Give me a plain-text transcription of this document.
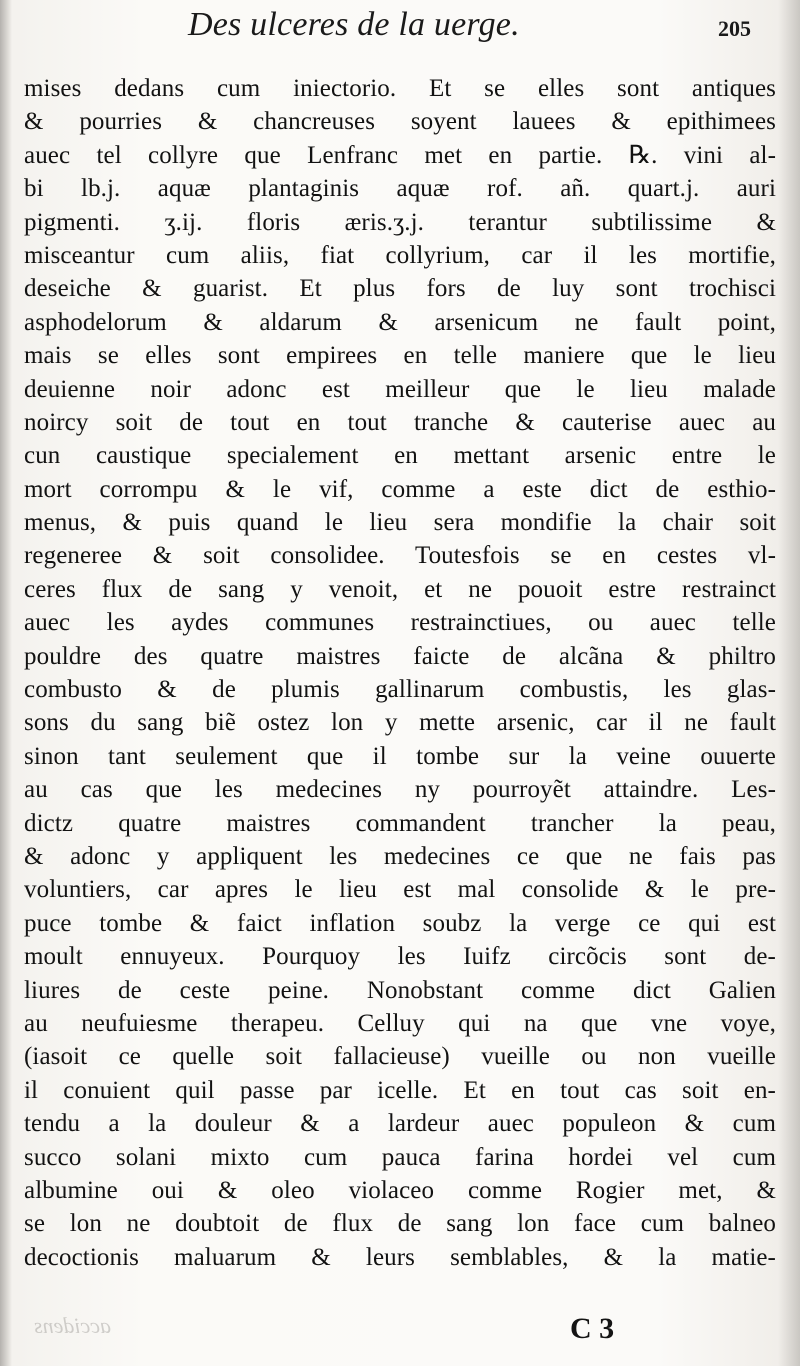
Des ulceres de la uerge.	205
mises dedans cum iniectorio. Et se elles sont antiques
& pourries & chancreuses soyent lauees & epithimees
auec tel collyre que Lenfranc met en partie. ℞. vini al-
bi lb.j. aquæ plantaginis aquæ rof. añ. quart.j. auri
pigmenti. ʒ.ij. floris æris.ʒ.j. terantur subtilissime &
misceantur cum aliis, fiat collyrium, car il les mortifie,
deseiche & guarist. Et plus fors de luy sont trochisci
asphodelorum & aldarum & arsenicum ne fault point,
mais se elles sont empirees en telle maniere que le lieu
deuienne noir adonc est meilleur que le lieu malade
noircy soit de tout en tout tranche & cauterise auec au
cun caustique specialement en mettant arsenic entre le
mort corrompu & le vif, comme a este dict de esthio-
menus, & puis quand le lieu sera mondifie la chair soit
regeneree & soit consolidee. Toutesfois se en cestes vl-
ceres flux de sang y venoit, et ne pouoit estre restrainct
auec les aydes communes restrainctiues, ou auec telle
pouldre des quatre maistres faicte de alcãna & philtro
combusto & de plumis gallinarum combustis, les glas-
sons du sang biẽ ostez lon y mette arsenic, car il ne fault
sinon tant seulement que il tombe sur la veine ouuerte
au cas que les medecines ny pourroyẽt attaindre. Les-
dictz quatre maistres commandent trancher la peau,
& adonc y appliquent les medecines ce que ne fais pas
voluntiers, car apres le lieu est mal consolide & le pre-
puce tombe & faict inflation soubz la verge ce qui est
moult ennuyeux. Pourquoy les Iuifz circõcis sont de-
liures de ceste peine. Nonobstant comme dict Galien
au neufuiesme therapeu. Celluy qui na que vne voye,
(iasoit ce quelle soit fallacieuse) vueille ou non vueille
il conuient quil passe par icelle. Et en tout cas soit en-
tendu a la douleur & a lardeur auec populeon & cum
succo solani mixto cum pauca farina hordei vel cum
albumine oui & oleo violaceo comme Rogier met, &
se lon ne doubtoit de flux de sang lon face cum balneo
decoctionis maluarum & leurs semblables, & la matie-
accidens	C 3
